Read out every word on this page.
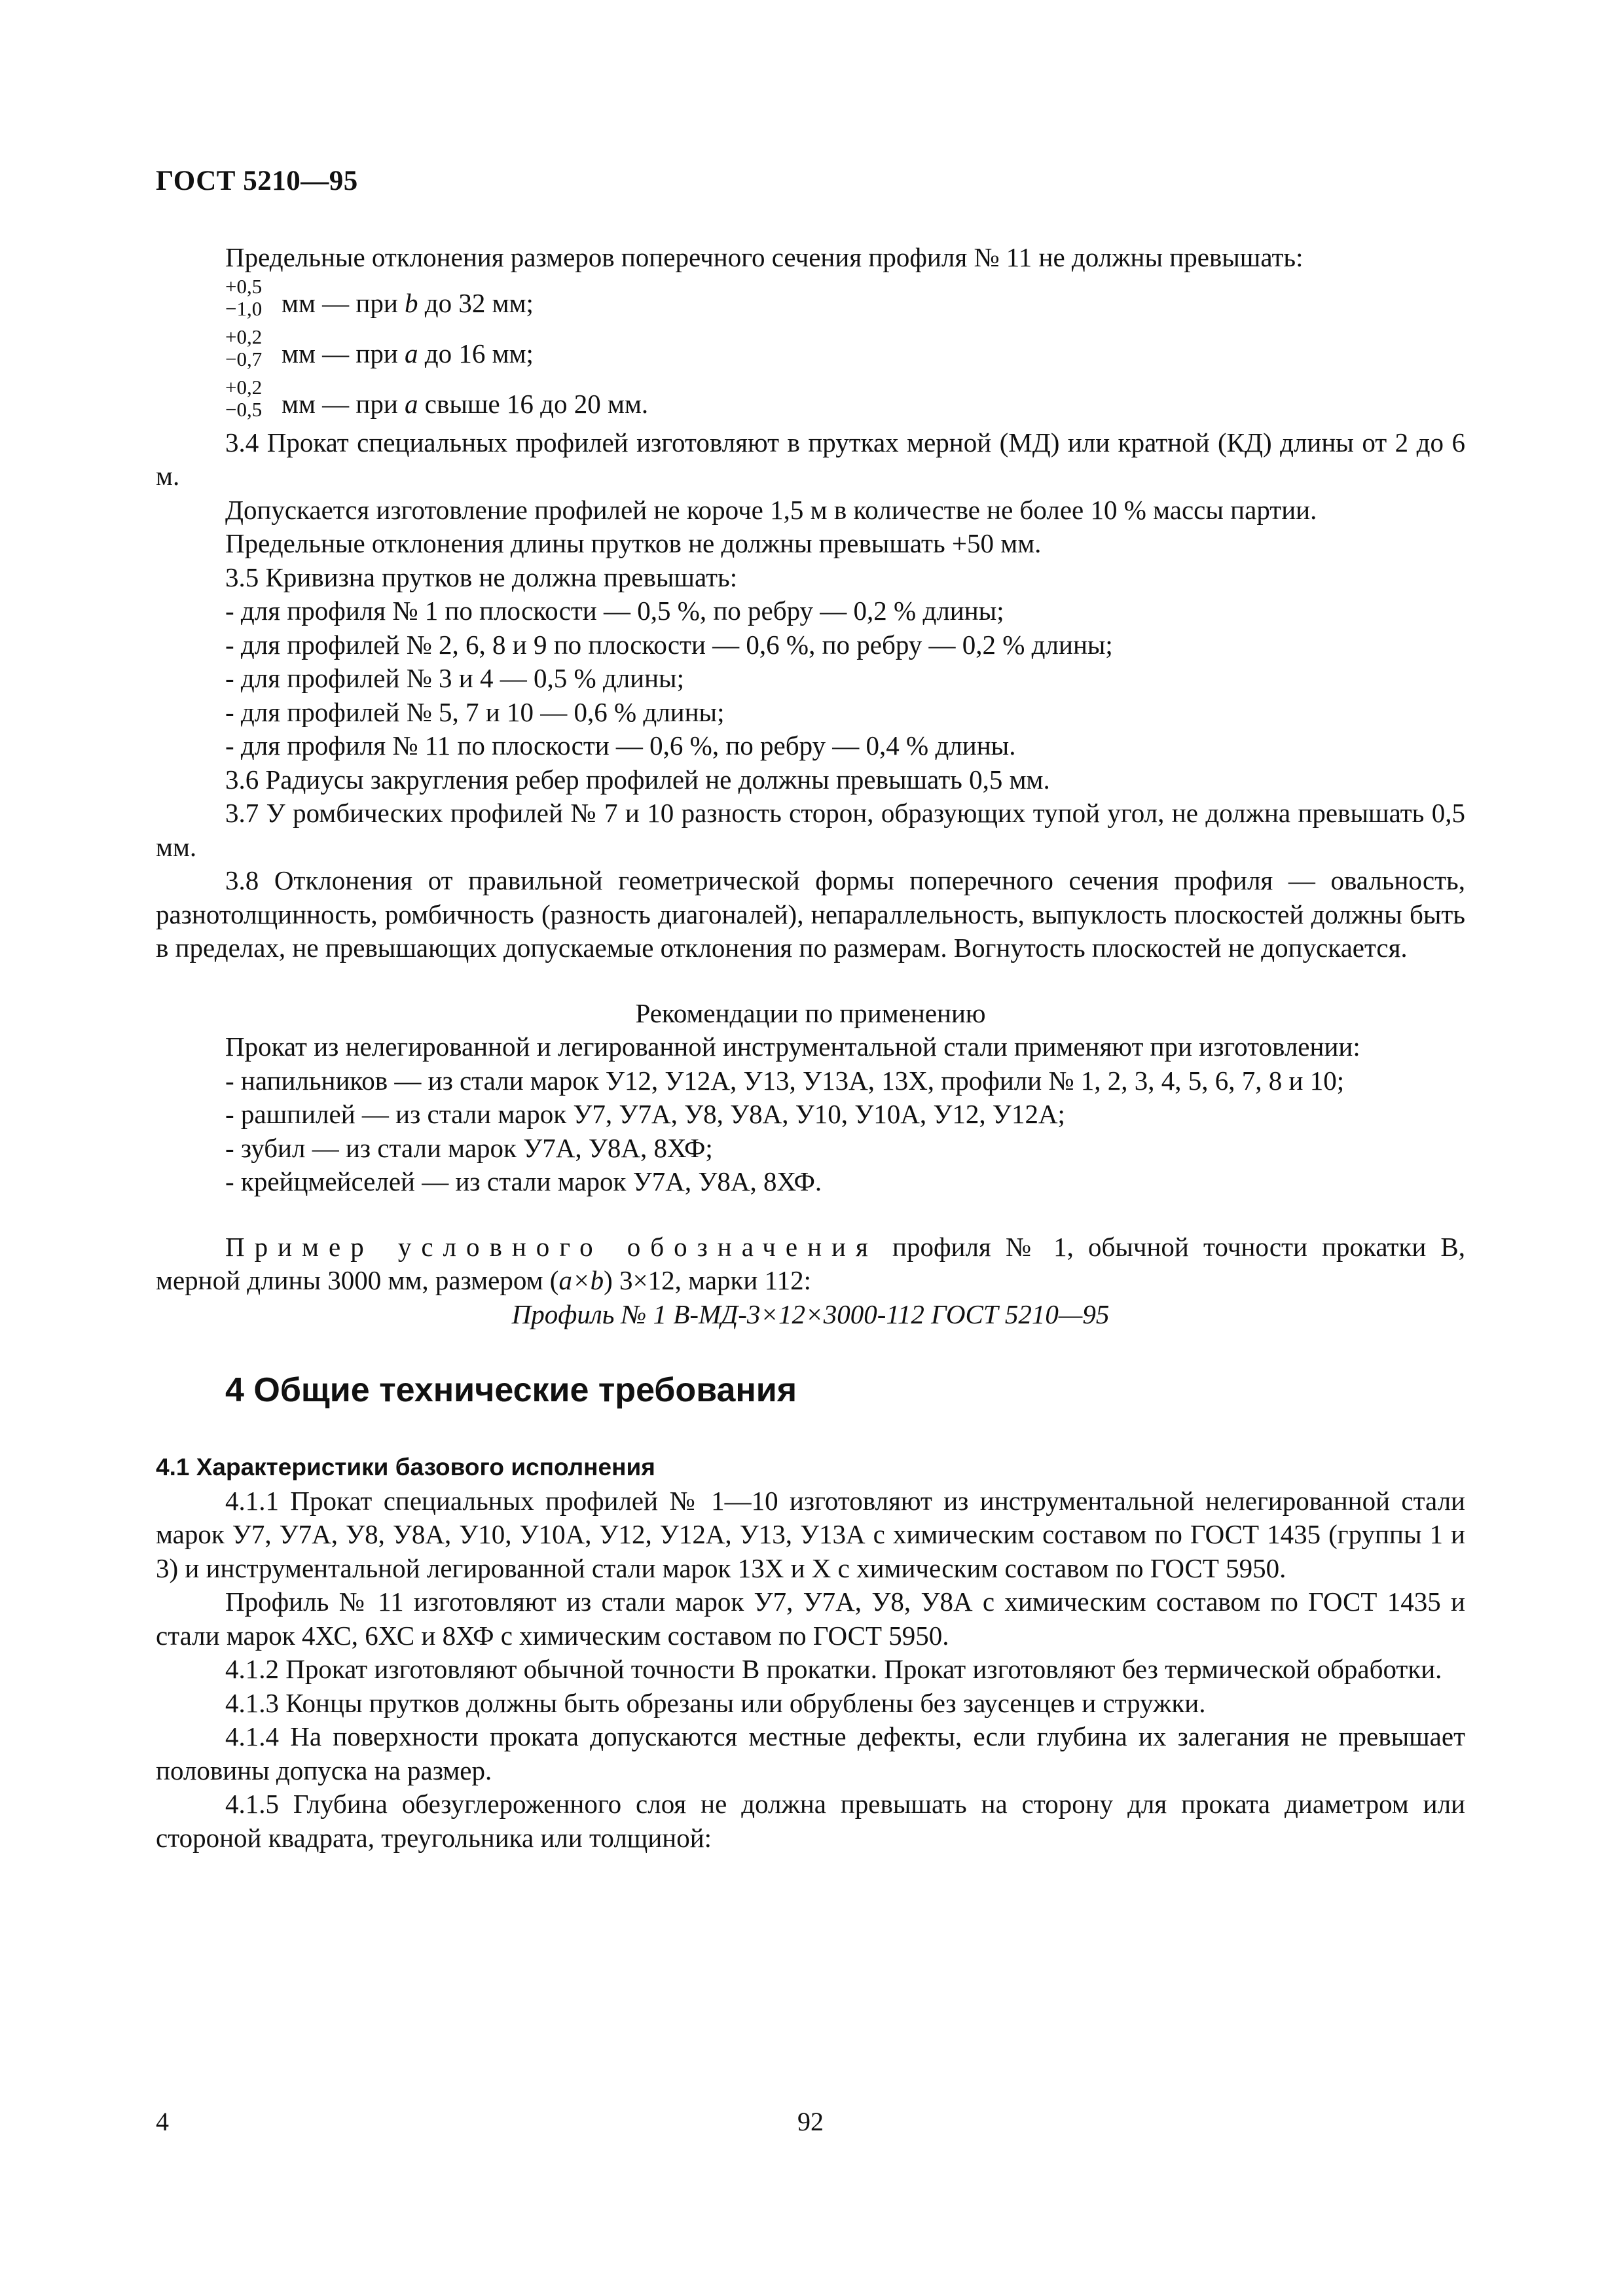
ГОСТ 5210—95

Предельные отклонения размеров поперечного сечения профиля № 11 не должны превышать:

+0,5
−1,0 мм — при b до 32 мм;
+0,2
−0,7 мм — при a до 16 мм;
+0,2
−0,5 мм — при a свыше 16 до 20 мм.

3.4 Прокат специальных профилей изготовляют в прутках мерной (МД) или кратной (КД) длины от 2 до 6 м.

Допускается изготовление профилей не короче 1,5 м в количестве не более 10 % массы партии.

Предельные отклонения длины прутков не должны превышать +50 мм.

3.5 Кривизна прутков не должна превышать:

- для профиля № 1 по плоскости — 0,5 %, по ребру — 0,2 % длины;

- для профилей № 2, 6, 8 и 9 по плоскости — 0,6 %, по ребру — 0,2 % длины;

- для профилей № 3 и 4 — 0,5 % длины;

- для профилей № 5, 7 и 10 — 0,6 % длины;

- для профиля № 11 по плоскости — 0,6 %, по ребру — 0,4 % длины.

3.6 Радиусы закругления ребер профилей не должны превышать 0,5 мм.

3.7 У ромбических профилей № 7 и 10 разность сторон, образующих тупой угол, не должна превышать 0,5 мм.

3.8 Отклонения от правильной геометрической формы поперечного сечения профиля — овальность, разнотолщинность, ромбичность (разность диагоналей), непараллельность, выпуклость плоскостей должны быть в пределах, не превышающих допускаемые отклонения по размерам. Вогнутость плоскостей не допускается.

Рекомендации по применению

Прокат из нелегированной и легированной инструментальной стали применяют при изготовлении:

- напильников — из стали марок У12, У12А, У13, У13А, 13Х, профили № 1, 2, 3, 4, 5, 6, 7, 8 и 10;

- рашпилей — из стали марок У7, У7А, У8, У8А, У10, У10А, У12, У12А;

- зубил — из стали марок У7А, У8А, 8ХФ;

- крейцмейселей — из стали марок У7А, У8А, 8ХФ.

Пример условного обозначения профиля № 1, обычной точности прокатки В, мерной длины 3000 мм, размером (a×b) 3×12, марки 112:

Профиль № 1 В-МД-3×12×3000-112 ГОСТ 5210—95

4 Общие технические требования

4.1 Характеристики базового исполнения

4.1.1 Прокат специальных профилей № 1—10 изготовляют из инструментальной нелегированной стали марок У7, У7А, У8, У8А, У10, У10А, У12, У12А, У13, У13А с химическим составом по ГОСТ 1435 (группы 1 и 3) и инструментальной легированной стали марок 13Х и Х с химическим составом по ГОСТ 5950.

Профиль № 11 изготовляют из стали марок У7, У7А, У8, У8А с химическим составом по ГОСТ 1435 и стали марок 4ХС, 6ХС и 8ХФ с химическим составом по ГОСТ 5950.

4.1.2 Прокат изготовляют обычной точности В прокатки. Прокат изготовляют без термической обработки.

4.1.3 Концы прутков должны быть обрезаны или обрублены без заусенцев и стружки.

4.1.4 На поверхности проката допускаются местные дефекты, если глубина их залегания не превышает половины допуска на размер.

4.1.5 Глубина обезуглероженного слоя не должна превышать на сторону для проката диаметром или стороной квадрата, треугольника или толщиной:

4	92
